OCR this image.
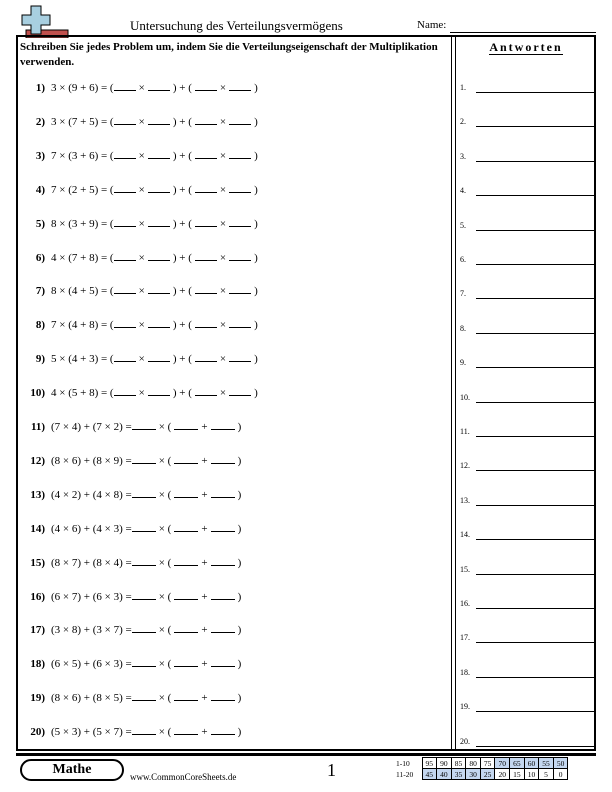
Untersuchung des Verteilungsvermögens	Name:
Schreiben Sie jedes Problem um, indem Sie die Verteilungseigenschaft der Multiplikation verwenden.
1) 3 × (9 + 6) = ( ×	) + (	×	)
2) 3 × (7 + 5) = ( ×	) + (	×	)
3) 7 × (3 + 6) = ( ×	) + (	×	)
4) 7 × (2 + 5) = ( ×	) + (	×	)
5) 8 × (3 + 9) = ( ×	) + (	×	)
6) 4 × (7 + 8) = ( ×	) + (	×	)
7) 8 × (4 + 5) = ( ×	) + (	×	)
8) 7 × (4 + 8) = ( ×	) + (	×	)
9) 5 × (4 + 3) = ( ×	) + (	×	)
10) 4 × (5 + 8) = ( ×	) + (	×	)
11) (7 × 4) + (7 × 2) =× (	+	)
12) (8 × 6) + (8 × 9) =× (	+	)
13) (4 × 2) + (4 × 8) =× (	+	)
14) (4 × 6) + (4 × 3) =× (	+	)
15) (8 × 7) + (8 × 4) =× (	+	)
16) (6 × 7) + (6 × 3) =× (	+	)
17) (3 × 8) + (3 × 7) =× (	+	)
18) (6 × 5) + (6 × 3) =× (	+	)
19) (8 × 6) + (8 × 5) =× (	+	)
20) (5 × 3) + (5 × 7) =× (	+	)
Antworten
1.
2.
3.
4.
5.
6.
7.
8.
9.
10.
11.
12.
13.
14.
15.
16.
17.
18.
19.
20.
Mathe	www.CommonCoreSheets.de	1	1-10	95	90	85	80	75	70	65	60	55	50
11-20	45	40	35	30	25	20	15	10	5	0
